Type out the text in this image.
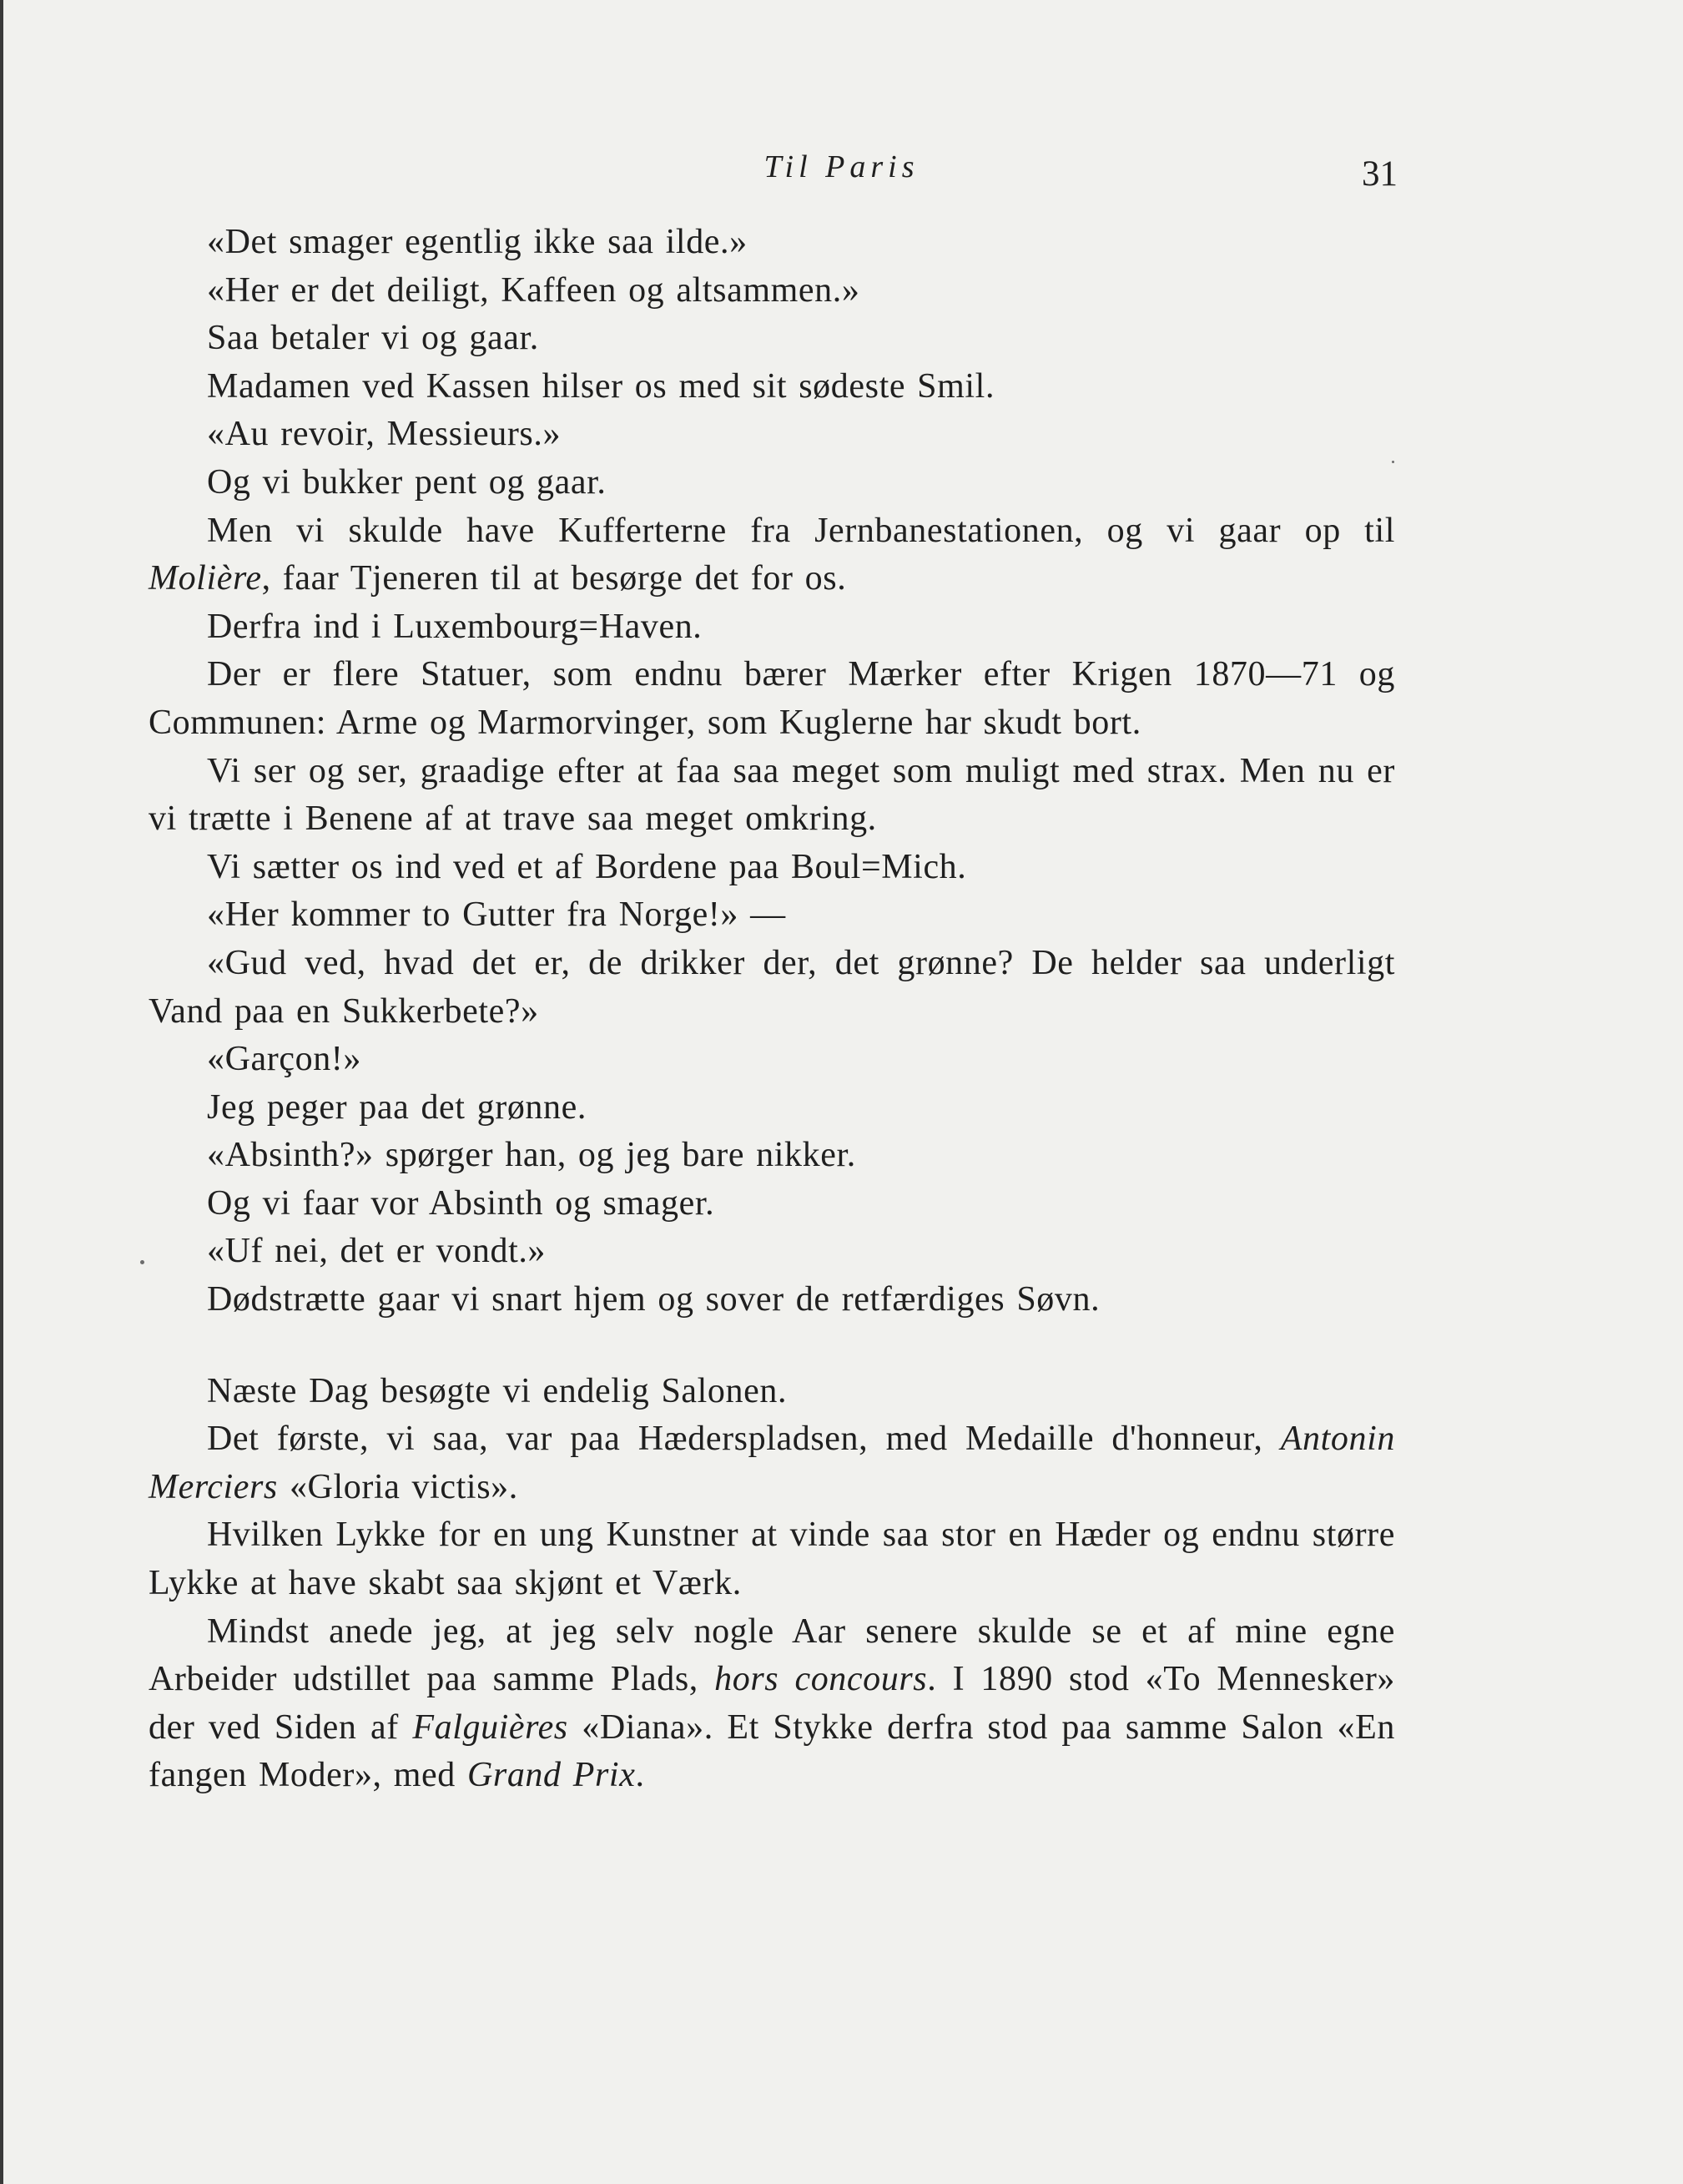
Til Paris	31

«Det smager egentlig ikke saa ilde.»

«Her er det deiligt, Kaffeen og altsammen.»

Saa betaler vi og gaar.

Madamen ved Kassen hilser os med sit sødeste Smil.

«Au revoir, Messieurs.»

Og vi bukker pent og gaar.

Men vi skulde have Kufferterne fra Jernbanestationen, og vi gaar op til Molière, faar Tjeneren til at besørge det for os.

Derfra ind i Luxembourg=Haven.

Der er flere Statuer, som endnu bærer Mærker efter Krigen 1870—71 og Communen: Arme og Marmorvinger, som Kuglerne har skudt bort.

Vi ser og ser, graadige efter at faa saa meget som muligt med strax. Men nu er vi trætte i Benene af at trave saa meget omkring.

Vi sætter os ind ved et af Bordene paa Boul=Mich.

«Her kommer to Gutter fra Norge!» —

«Gud ved, hvad det er, de drikker der, det grønne? De helder saa underligt Vand paa en Sukkerbete?»

«Garçon!»

Jeg peger paa det grønne.

«Absinth?» spørger han, og jeg bare nikker.

Og vi faar vor Absinth og smager.

«Uf nei, det er vondt.»

Dødstrætte gaar vi snart hjem og sover de retfærdiges Søvn.

Næste Dag besøgte vi endelig Salonen.

Det første, vi saa, var paa Hæderspladsen, med Medaille d'honneur, Antonin Merciers «Gloria victis».

Hvilken Lykke for en ung Kunstner at vinde saa stor en Hæder og endnu større Lykke at have skabt saa skjønt et Værk.

Mindst anede jeg, at jeg selv nogle Aar senere skulde se et af mine egne Arbeider udstillet paa samme Plads, hors concours. I 1890 stod «To Mennesker» der ved Siden af Falguières «Diana». Et Stykke derfra stod paa samme Salon «En fangen Moder», med Grand Prix.
